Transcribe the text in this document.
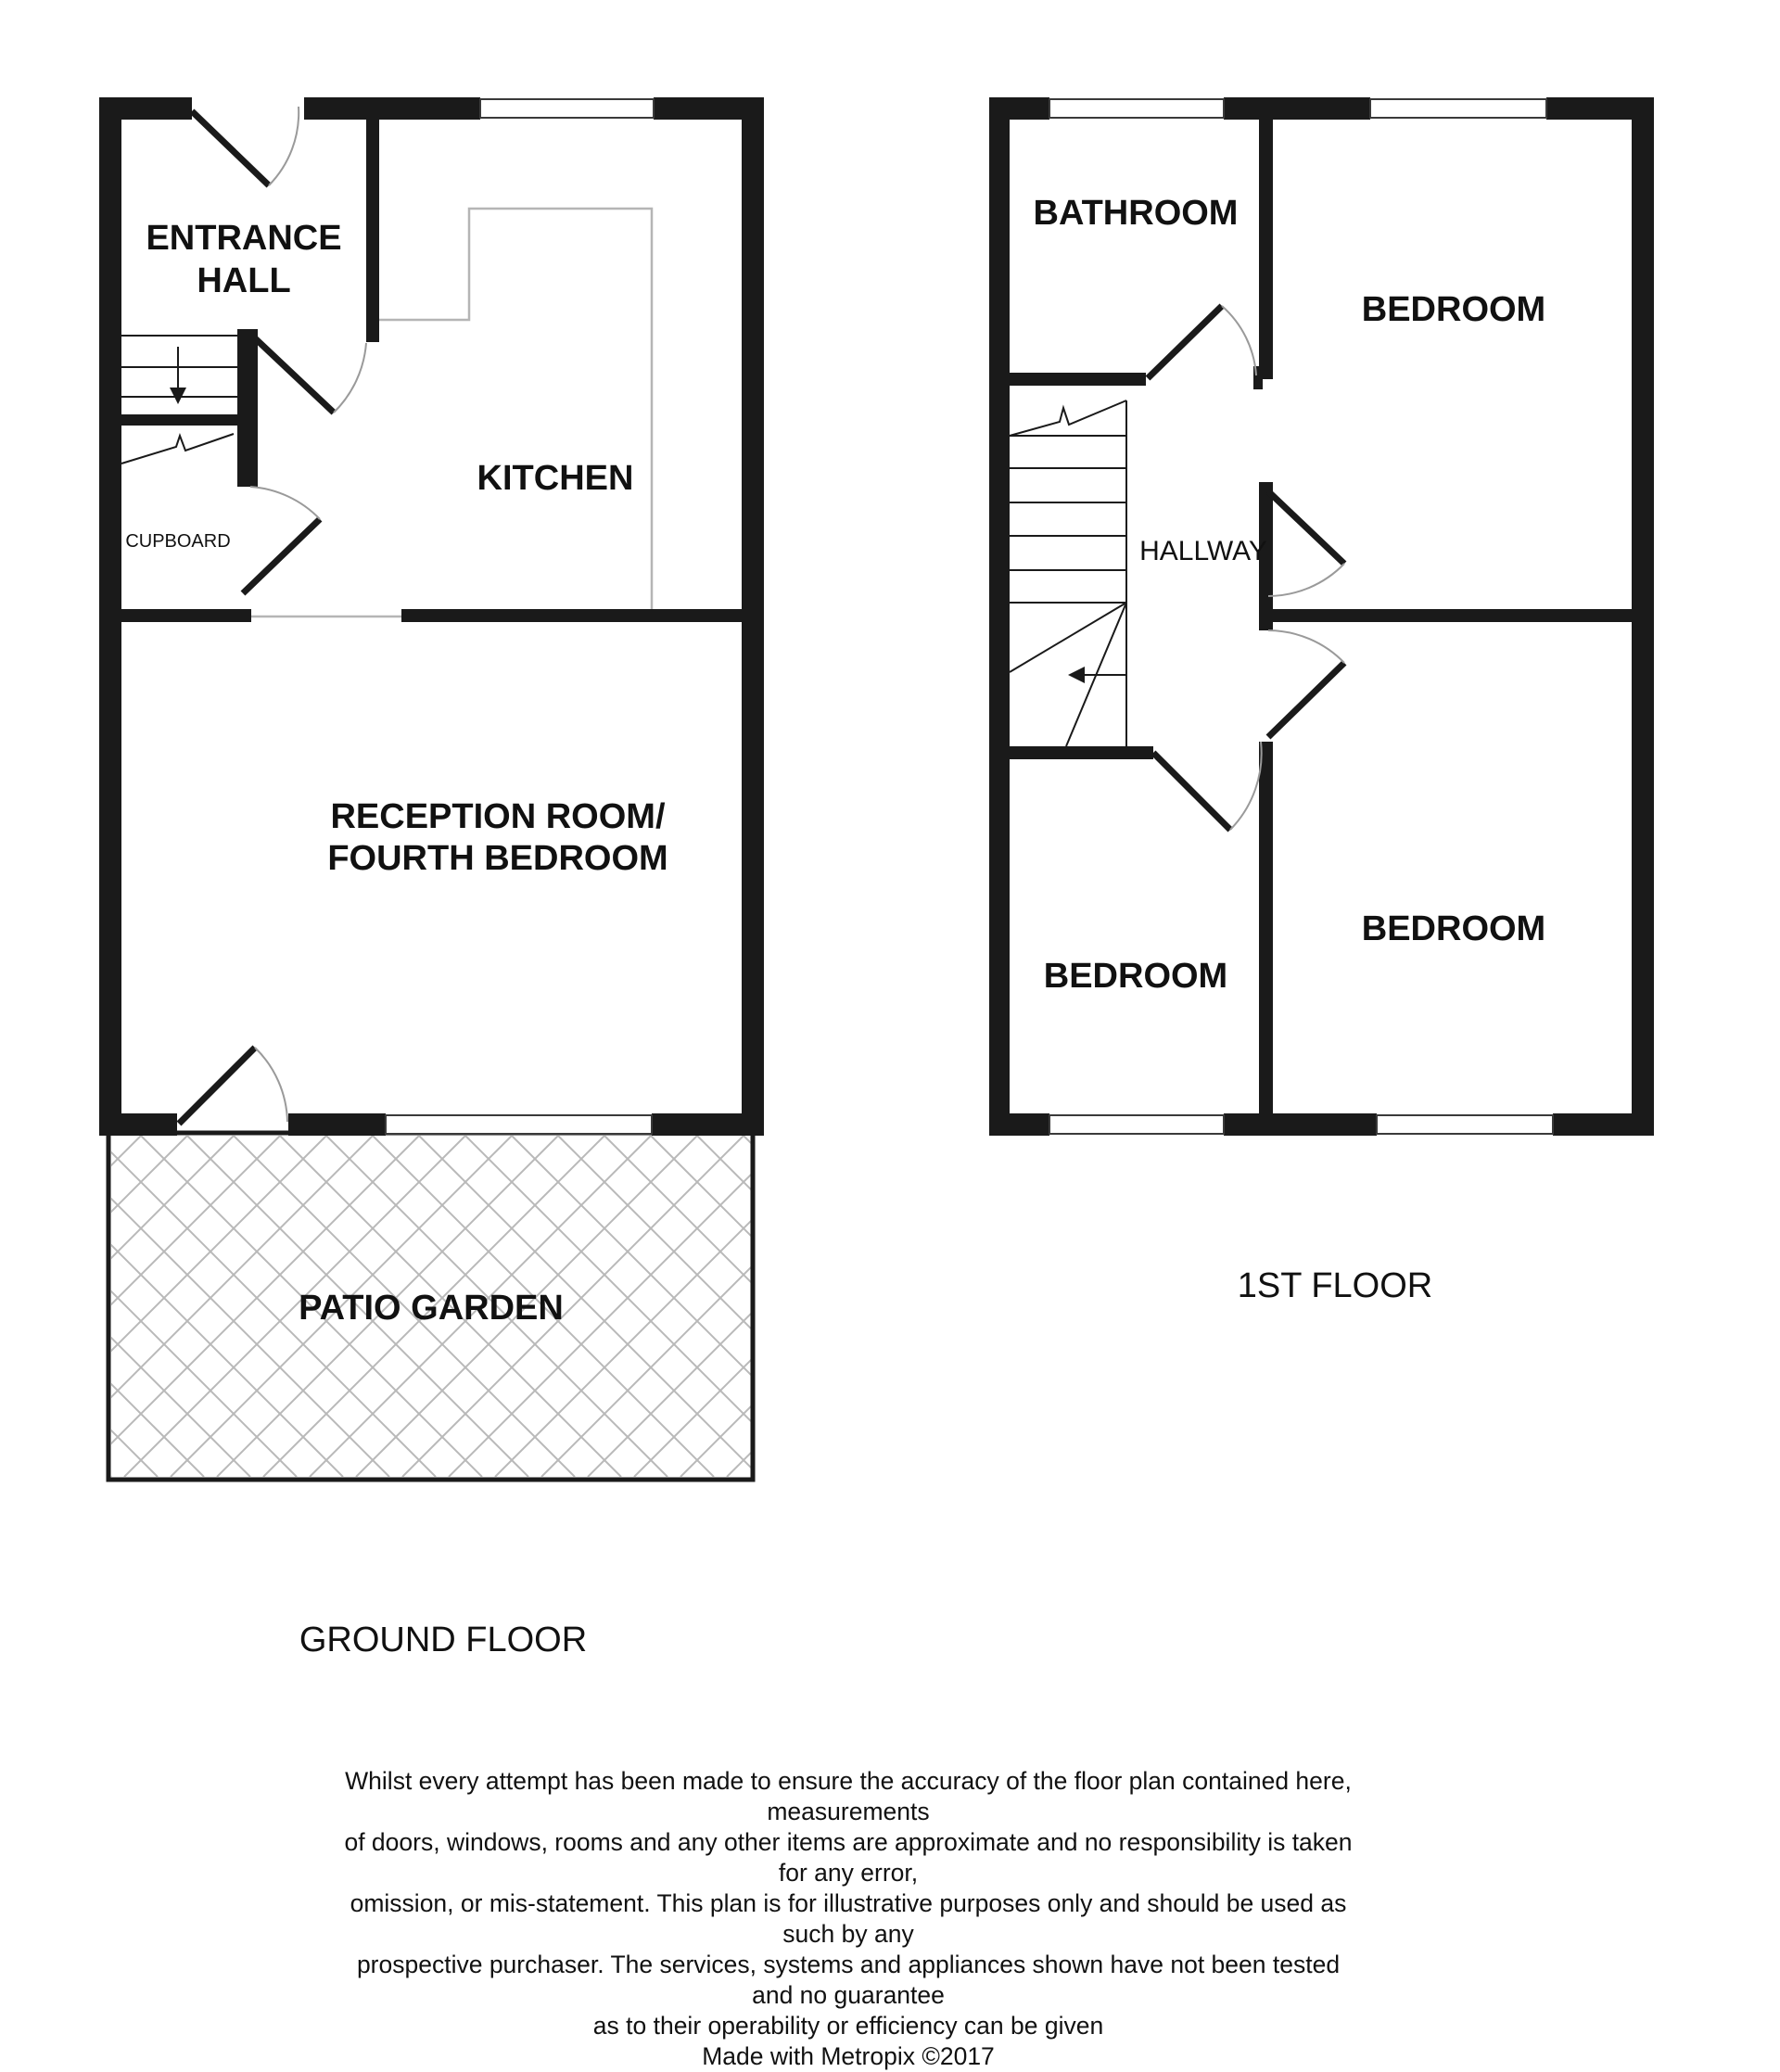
ENTRANCE
HALL
KITCHEN
CUPBOARD
RECEPTION ROOM/
FOURTH BEDROOM
PATIO GARDEN
BATHROOM
BEDROOM
HALLWAY
BEDROOM
BEDROOM
GROUND FLOOR
1ST FLOOR
Whilst every attempt has been made to ensure the accuracy of the floor plan contained here, measurements
of doors, windows, rooms and any other items are approximate and no responsibility is taken for any error,
omission, or mis-statement. This plan is for illustrative purposes only and should be used as such by any
prospective purchaser. The services, systems and appliances shown have not been tested and no guarantee
as to their operability or efficiency can be given
Made with Metropix ©2017
